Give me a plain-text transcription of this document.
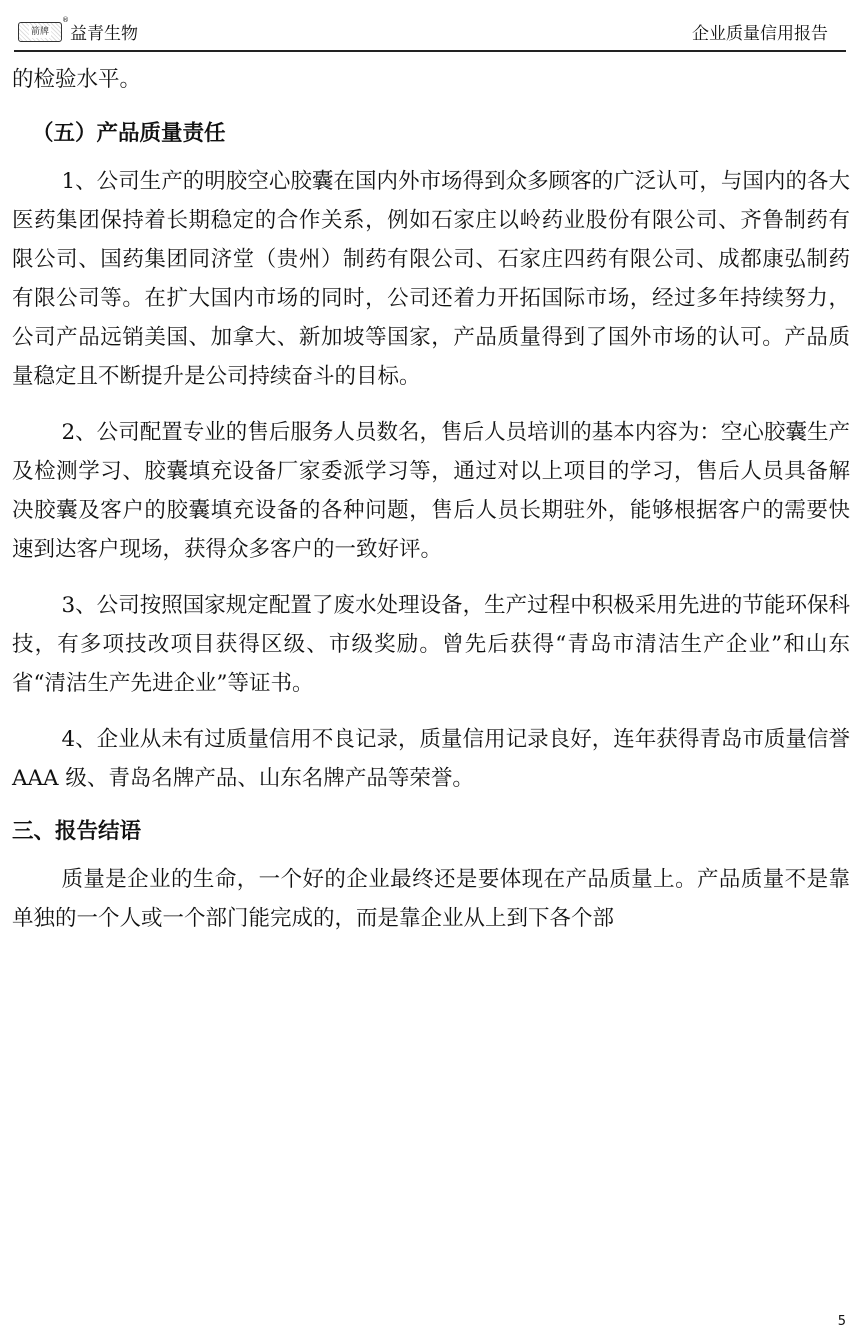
箭牌
®
益青生物	企业质量信用报告

的检验水平。

（五）产品质量责任

1、公司生产的明胶空心胶囊在国内外市场得到众多顾客的广泛认可，与国内的各大医药集团保持着长期稳定的合作关系，例如石家庄以岭药业股份有限公司、齐鲁制药有限公司、国药集团同济堂（贵州）制药有限公司、石家庄四药有限公司、成都康弘制药有限公司等。在扩大国内市场的同时，公司还着力开拓国际市场，经过多年持续努力，公司产品远销美国、加拿大、新加坡等国家，产品质量得到了国外市场的认可。产品质量稳定且不断提升是公司持续奋斗的目标。

2、公司配置专业的售后服务人员数名，售后人员培训的基本内容为：空心胶囊生产及检测学习、胶囊填充设备厂家委派学习等，通过对以上项目的学习，售后人员具备解决胶囊及客户的胶囊填充设备的各种问题，售后人员长期驻外，能够根据客户的需要快速到达客户现场，获得众多客户的一致好评。

3、公司按照国家规定配置了废水处理设备，生产过程中积极采用先进的节能环保科技，有多项技改项目获得区级、市级奖励。曾先后获得“青岛市清洁生产企业”和山东省“清洁生产先进企业”等证书。

4、企业从未有过质量信用不良记录，质量信用记录良好，连年获得青岛市质量信誉 AAA 级、青岛名牌产品、山东名牌产品等荣誉。

三、报告结语

质量是企业的生命，一个好的企业最终还是要体现在产品质量上。产品质量不是靠单独的一个人或一个部门能完成的，而是靠企业从上到下各个部

5
